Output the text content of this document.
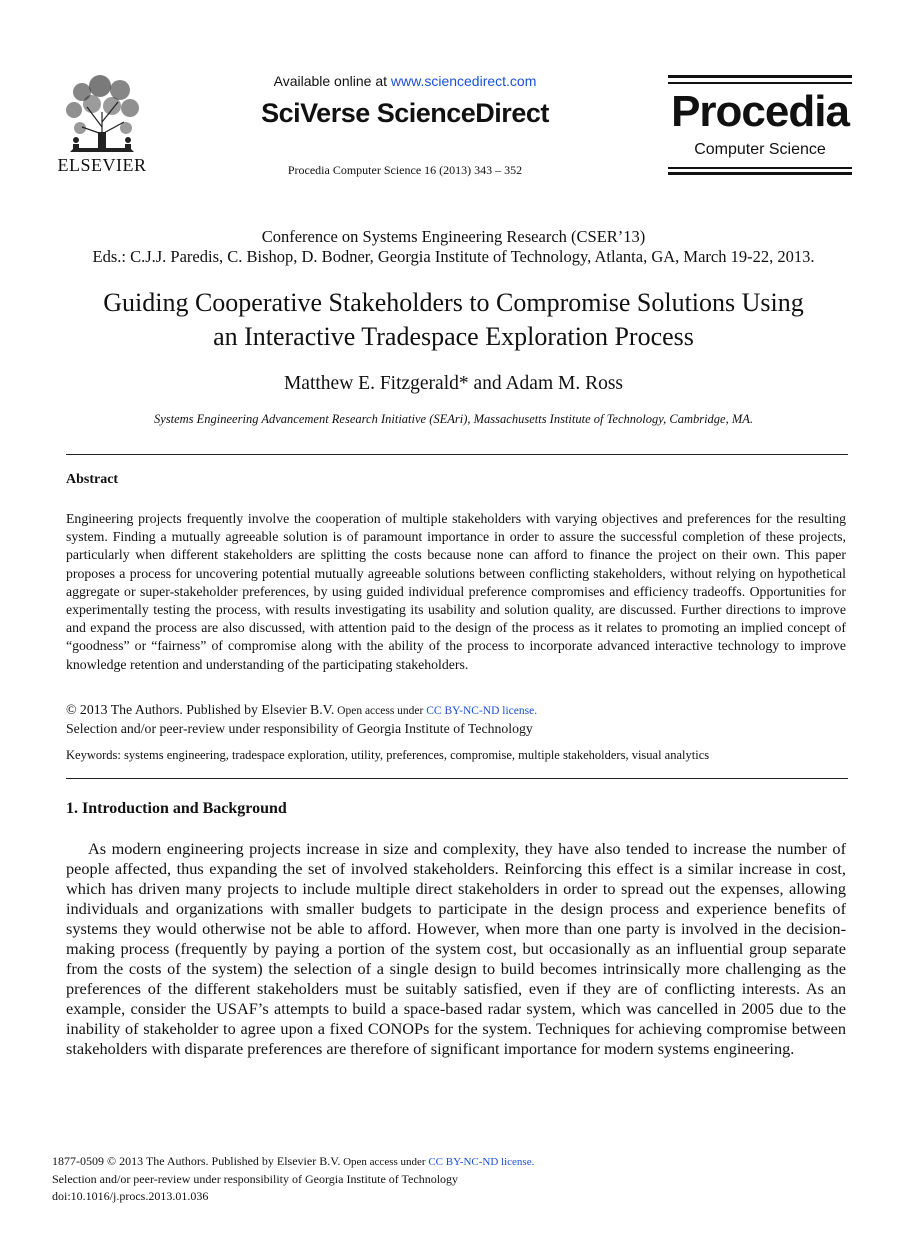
ELSEVIER
Available online at www.sciencedirect.com
SciVerse ScienceDirect
Procedia Computer Science 16 (2013) 343 – 352
Procedia
Computer Science
Conference on Systems Engineering Research (CSER’13)
Eds.: C.J.J. Paredis, C. Bishop, D. Bodner, Georgia Institute of Technology, Atlanta, GA, March 19-22, 2013.
Guiding Cooperative Stakeholders to Compromise Solutions Using
an Interactive Tradespace Exploration Process
Matthew E. Fitzgerald* and Adam M. Ross
Systems Engineering Advancement Research Initiative (SEAri), Massachusetts Institute of Technology, Cambridge, MA.
Abstract
Engineering projects frequently involve the cooperation of multiple stakeholders with varying objectives and preferences for the resulting system. Finding a mutually agreeable solution is of paramount importance in order to assure the successful completion of these projects, particularly when different stakeholders are splitting the costs because none can afford to finance the project on their own. This paper proposes a process for uncovering potential mutually agreeable solutions between conflicting stakeholders, without relying on hypothetical aggregate or super-stakeholder preferences, by using guided individual preference compromises and efficiency tradeoffs. Opportunities for experimentally testing the process, with results investigating its usability and solution quality, are discussed. Further directions to improve and expand the process are also discussed, with attention paid to the design of the process as it relates to promoting an implied concept of “goodness” or “fairness” of compromise along with the ability of the process to incorporate advanced interactive technology to improve knowledge retention and understanding of the participating stakeholders.
© 2013 The Authors. Published by Elsevier B.V. Open access under CC BY-NC-ND license.
Selection and/or peer-review under responsibility of Georgia Institute of Technology
Keywords: systems engineering, tradespace exploration, utility, preferences, compromise, multiple stakeholders, visual analytics
1. Introduction and Background
As modern engineering projects increase in size and complexity, they have also tended to increase the number of people affected, thus expanding the set of involved stakeholders. Reinforcing this effect is a similar increase in cost, which has driven many projects to include multiple direct stakeholders in order to spread out the expenses, allowing individuals and organizations with smaller budgets to participate in the design process and experience benefits of systems they would otherwise not be able to afford. However, when more than one party is involved in the decision-making process (frequently by paying a portion of the system cost, but occasionally as an influential group separate from the costs of the system) the selection of a single design to build becomes intrinsically more challenging as the preferences of the different stakeholders must be suitably satisfied, even if they are of conflicting interests. As an example, consider the USAF’s attempts to build a space-based radar system, which was cancelled in 2005 due to the inability of stakeholder to agree upon a fixed CONOPs for the system. Techniques for achieving compromise between stakeholders with disparate preferences are therefore of significant importance for modern systems engineering.
1877-0509 © 2013 The Authors. Published by Elsevier B.V. Open access under CC BY-NC-ND license.
Selection and/or peer-review under responsibility of Georgia Institute of Technology
doi:10.1016/j.procs.2013.01.036
